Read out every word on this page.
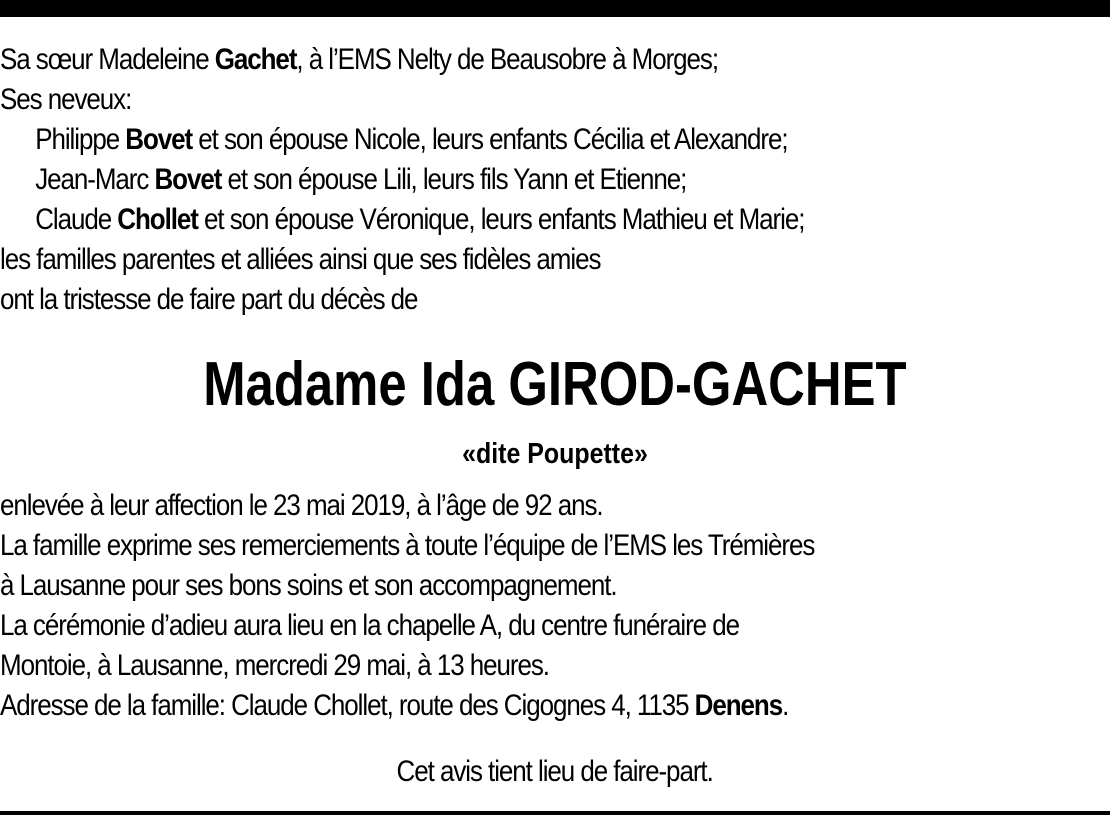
Sa sœur Madeleine Gachet, à l’EMS Nelty de Beausobre à Morges;
Ses neveux:
Philippe Bovet et son épouse Nicole, leurs enfants Cécilia et Alexandre;
Jean-Marc Bovet et son épouse Lili, leurs fils Yann et Etienne;
Claude Chollet et son épouse Véronique, leurs enfants Mathieu et Marie;
les familles parentes et alliées ainsi que ses fidèles amies
ont la tristesse de faire part du décès de
Madame Ida GIROD-GACHET
«dite Poupette»
enlevée à leur affection le 23 mai 2019, à l’âge de 92 ans.
La famille exprime ses remerciements à toute l’équipe de l’EMS les Trémières
à Lausanne pour ses bons soins et son accompagnement.
La cérémonie d’adieu aura lieu en la chapelle A, du centre funéraire de
Montoie, à Lausanne, mercredi 29 mai, à 13 heures.
Adresse de la famille: Claude Chollet, route des Cigognes 4, 1135 Denens.
Cet avis tient lieu de faire-part.
